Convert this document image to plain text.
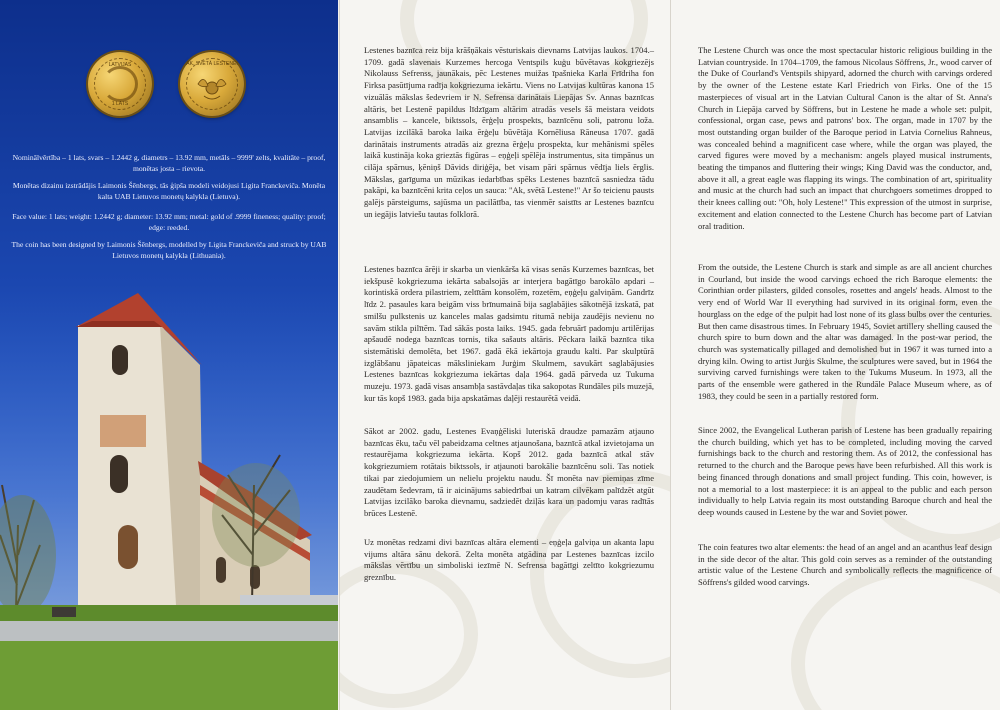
LATVIJAS
1 LATS
AK, SVĒTĀ LESTENE!

Nominālvērtība – 1 lats, svars – 1.2442 g, diametrs – 13.92 mm, metāls – 9999' zelts, kvalitāte – proof, monētas josta – rievota.

Monētas dizainu izstrādājis Laimonis Šēnbergs, tās ģipša modeli veidojusi Ligita Franckeviča. Monēta kalta UAB Lietuvos monetų kalykla (Lietuva).

Face value: 1 lats; weight: 1.2442 g; diameter: 13.92 mm; metal: gold of .9999 fineness; quality: proof; edge: reeded.

The coin has been designed by Laimonis Šēnbergs, modelled by Ligita Franckeviča and struck by UAB Lietuvos monetų kalykla (Lithuania).

Lestenes baznīca reiz bija krāšņākais vēsturiskais dievnams Latvijas laukos. 1704.–1709. gadā slavenais Kurzemes hercoga Ventspils kuģu būvētavas kokgriezējs Nikolauss Sefrenss, jaunākais, pēc Lestenes muižas īpašnieka Karla Frīdriha fon Firksa pasūtījuma radīja kokgriezuma iekārtu. Viens no Latvijas kultūras kanona 15 vizuālās mākslas šedevriem ir N. Sefrensa darinātais Liepājas Sv. Annas baznīcas altāris, bet Lestenē papildus līdzīgam altārim atradās vesels šā meistara veidots ansamblis – kancele, biktssols, ērģeļu prospekts, baznīcēnu soli, patronu loža. Latvijas izcilākā baroka laika ērģeļu būvētāja Kornēliusa Rāneusa 1707. gadā darinātais instruments atradās aiz grezna ērģeļu prospekta, kur mehānismi spēles laikā kustināja koka grieztās figūras – eņģeļi spēlēja instrumentus, sita timpānus un cilāja spārnus, ķēniņš Dāvids diriģēja, bet visam pāri spārnus vēdīja liels ērglis. Mākslas, garīguma un mūzikas iedarbības spēks Lestenes baznīcā sasniedza tādu pakāpi, ka baznīcēni krita ceļos un sauca: "Ak, svētā Lestene!" Ar šo teicienu pausts galējs pārsteigums, sajūsma un pacilātība, tas vienmēr saistīts ar Lestenes baznīcu un iegājis latviešu tautas folklorā.

Lestenes baznīca ārēji ir skarba un vienkārša kā visas senās Kurzemes baznīcas, bet iekšpusē kokgriezuma iekārta sabalsojās ar interjera bagātīgo barokālo apdari – korintiskā ordera pilastriem, zeltītām konsolēm, rozetēm, eņģeļu galviņām. Gandrīz līdz 2. pasaules kara beigām viss brīnumainā bija saglabājies sākotnējā izskatā, pat smilšu pulkstenis uz kanceles malas gadsimtu ritumā nebija zaudējis nevienu no savām stikla pilītēm. Tad sākās posta laiks. 1945. gada februārī padomju artilērijas apšaudē nodega baznīcas tornis, tika sašauts altāris. Pēckara laikā baznīca tika sistemātiski demolēta, bet 1967. gadā ēkā iekārtoja graudu kalti. Par skulptūrā izglābšanu jāpateicas māksliniekam Jurģim Skulmem, savukārt saglabājusies Lestenes baznīcas kokgriezuma iekārtas daļa 1964. gadā pārveda uz Tukuma muzeju. 1973. gadā visas ansambļa sastāvdaļas tika sakopotas Rundāles pils muzejā, kur tās kopš 1983. gada bija apskatāmas daļēji restaurētā veidā.

Sākot ar 2002. gadu, Lestenes Evaņģēliski luteriskā draudze pamazām atjauno baznīcas ēku, taču vēl pabeidzama celtnes atjaunošana, baznīcā atkal izvietojama un restaurējama kokgriezuma iekārta. Kopš 2012. gada baznīcā atkal stāv kokgriezumiem rotātais biktssols, ir atjaunoti barokālie baznīcēnu soli. Tas notiek tikai par ziedojumiem un nelielu projektu naudu. Šī monēta nav piemiņas zīme zaudētam šedevram, tā ir aicinājums sabiedrībai un katram cilvēkam palīdzēt atgūt Latvijas izcilāko baroka dievnamu, sadziedēt dziļās kara un padomju varas radītās brūces Lestenē.

Uz monētas redzami divi baznīcas altāra elementi – eņģeļa galviņa un akanta lapu vijums altāra sānu dekorā. Zelta monēta atgādina par Lestenes baznīcas izcilo mākslas vērtību un simboliski iezīmē N. Sefrensa bagātīgi zeltīto kokgriezumu greznību.

The Lestene Church was once the most spectacular historic religious building in the Latvian countryside. In 1704–1709, the famous Nicolaus Söffrens, Jr., wood carver of the Duke of Courland's Ventspils shipyard, adorned the church with carvings ordered by the owner of the Lestene estate Karl Friedrich von Firks. One of the 15 masterpieces of visual art in the Latvian Cultural Canon is the altar of St. Anna's Church in Liepāja carved by Söffrens, but in Lestene he made a whole set: pulpit, confessional, organ case, pews and patrons' box. The organ, made in 1707 by the most outstanding organ builder of the Baroque period in Latvia Cornelius Rahneus, was concealed behind a magnificent case where, while the organ was played, the carved figures were moved by a mechanism: angels played musical instruments, beating the timpanos and fluttering their wings; King David was the conductor, and, above it all, a great eagle was flapping its wings. The combination of art, spirituality and music at the church had such an impact that churchgoers sometimes dropped to their knees calling out: "Oh, holy Lestene!" This expression of the utmost in surprise, excitement and elation connected to the Lestene Church has become part of Latvian oral tradition.

From the outside, the Lestene Church is stark and simple as are all ancient churches in Courland, but inside the wood carvings echoed the rich Baroque elements: the Corinthian order pilasters, gilded consoles, rosettes and angels' heads. Almost to the very end of World War II everything had survived in its original form, even the hourglass on the edge of the pulpit had lost none of its glass bulbs over the centuries. But then came disastrous times. In February 1945, Soviet artillery shelling caused the church spire to burn down and the altar was damaged. In the post-war period, the church was systematically pillaged and demolished but in 1967 it was turned into a drying kiln. Owing to artist Jurģis Skulme, the sculptures were saved, but in 1964 the surviving carved furnishings were taken to the Tukums Museum. In 1973, all the parts of the ensemble were gathered in the Rundāle Palace Museum where, as of 1983, they could be seen in a partially restored form.

Since 2002, the Evangelical Lutheran parish of Lestene has been gradually repairing the church building, which yet has to be completed, including moving the carved furnishings back to the church and restoring them. As of 2012, the confessional has returned to the church and the Baroque pews have been refurbished. All this work is being financed through donations and small project funding. This coin, however, is not a memorial to a lost masterpiece: it is an appeal to the public and each person individually to help Latvia regain its most outstanding Baroque church and heal the deep wounds caused in Lestene by the war and Soviet power.

The coin features two altar elements: the head of an angel and an acanthus leaf design in the side decor of the altar. This gold coin serves as a reminder of the outstanding artistic value of the Lestene Church and symbolically reflects the magnificence of Söffrens's gilded wood carvings.
